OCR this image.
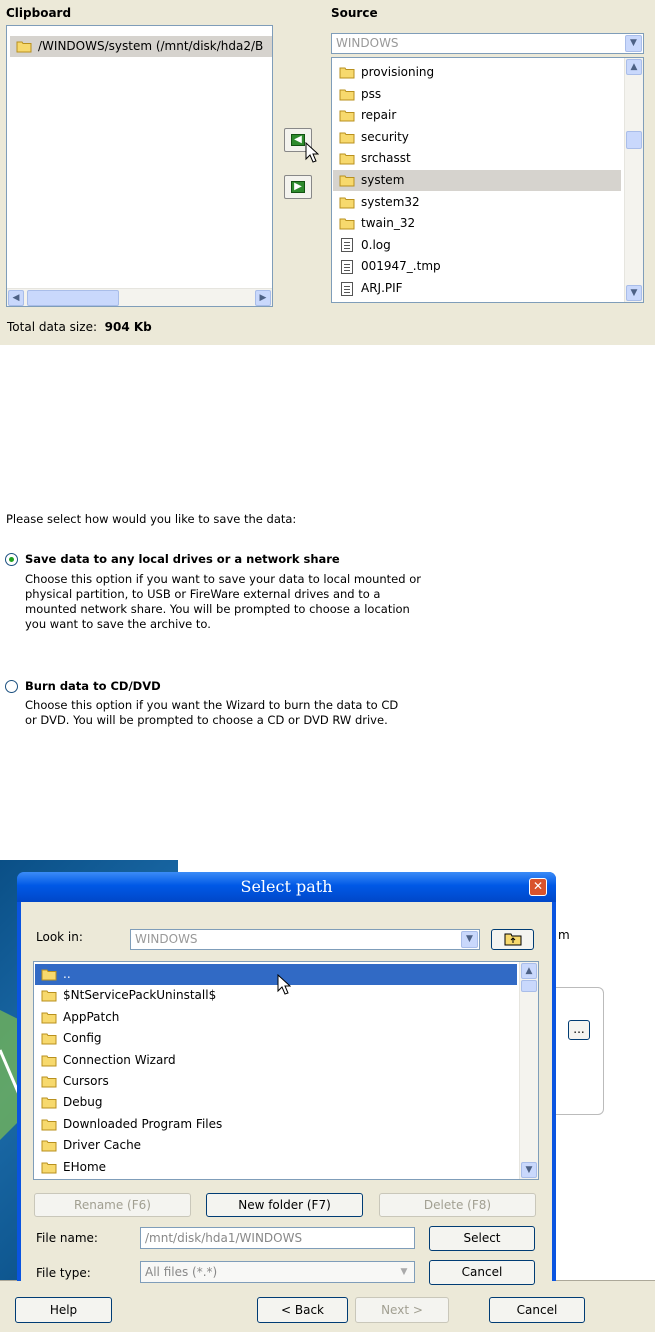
Clipboard	Source
/WINDOWS/system (/mnt/disk/hda2/B
◀	▶
◀
▶
WINDOWS	▼
provisioning
pss
repair
security
srchasst
system
system32
twain_32
0.log
001947_.tmp
ARJ.PIF
▲
▼
Total data size: 904 Kb
Please select how would you like to save the data:
Save data to any local drives or a network share
Choose this option if you want to save your data to local mounted or physical partition, to USB or FireWare external drives and to a mounted network share. You will be prompted to choose a location you want to save the archive to.
Burn data to CD/DVD
Choose this option if you want the Wizard to burn the data to CD or DVD. You will be prompted to choose a CD or DVD RW drive.
m
...
Help	< Back	Next >	Cancel
Select path	✕
Look in:	WINDOWS	▼
..
$NtServicePackUninstall$
AppPatch
Config
Connection Wizard
Cursors
Debug
Downloaded Program Files
Driver Cache
EHome
▲
▼
Rename (F6)	New folder (F7)	Delete (F8)
File name:	/mnt/disk/hda1/WINDOWS	Select
File type:	All files (*.*)	▼	Cancel
